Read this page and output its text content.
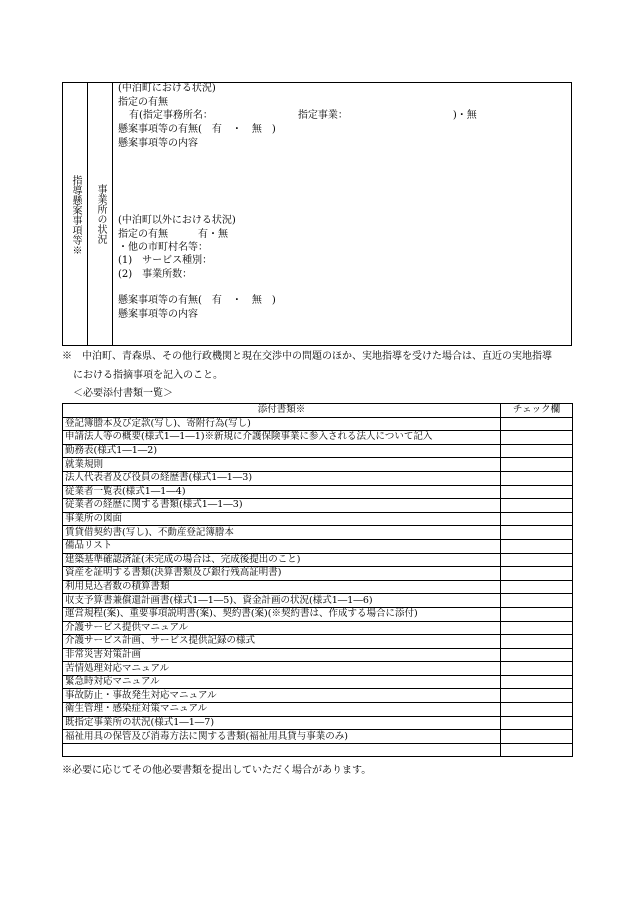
指導懸案事項等※ 事業所の状況
(中泊町における状況)
指定の有無
有(指定事務所名：　　　　　　　　　指定事業：　　　　　　　　　　　)・無
懸案事項等の有無(　有　・　無　)
懸案事項等の内容
(中泊町以外における状況)
指定の有無　　　有・無
・他の市町村名等：
(1)　サービス種別：
(2)　事業所数：
懸案事項等の有無(　有　・　無　)
懸案事項等の内容
※　中泊町、青森県、その他行政機関と現在交渉中の問題のほか、実地指導を受けた場合は、直近の実地指導
における指摘事項を記入のこと。
＜必要添付書類一覧＞
添付書類※	チェック欄
登記簿謄本及び定款(写し)、寄附行為(写し)	
申請法人等の概要(様式1―1―1)※新規に介護保険事業に参入される法人について記入	
勤務表(様式1―1―2)	
就業規則	
法人代表者及び役員の経歴書(様式1―1―3)	
従業者一覧表(様式1―1―4)	
従業者の経歴に関する書類(様式1―1―3)	
事業所の図面	
賃貸借契約書(写し)、不動産登記簿謄本	
備品リスト	
建築基準確認済証(未完成の場合は、完成後提出のこと)	
資産を証明する書類(決算書類及び銀行残高証明書)	
利用見込者数の積算書類	
収支予算書兼償還計画書(様式1―1―5)、資金計画の状況(様式1―1―6)	
運営規程(案)、重要事項説明書(案)、契約書(案)(※契約書は、作成する場合に添付)	
介護サービス提供マニュアル	
介護サービス計画、サービス提供記録の様式	
非常災害対策計画	
苦情処理対応マニュアル	
緊急時対応マニュアル	
事故防止・事故発生対応マニュアル	
衛生管理・感染症対策マニュアル	
既指定事業所の状況(様式1―1―7)	
福祉用具の保管及び消毒方法に関する書類(福祉用具貸与事業のみ)	

※必要に応じてその他必要書類を提出していただく場合があります。
